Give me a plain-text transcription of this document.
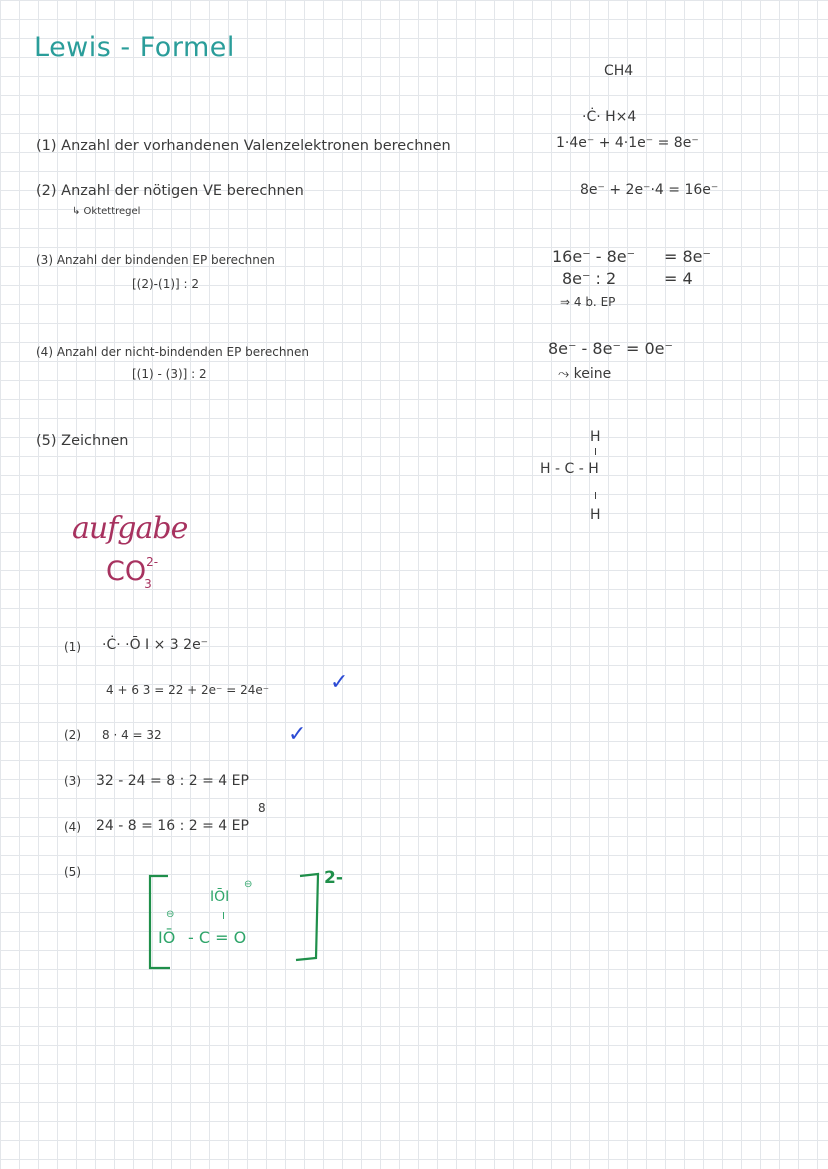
Lewis - Formel
(1) Anzahl der vorhandenen Valenzelektronen berechnen
(2) Anzahl der nötigen VE berechnen
↳ Oktettregel
(3) Anzahl der bindenden EP berechnen
[(2)-(1)] : 2
(4) Anzahl der nicht-bindenden EP berechnen
[(1) - (3)] : 2
(5) Zeichnen
CH4
·Ċ· H×4
1·4e⁻ + 4·1e⁻ = 8e⁻
8e⁻ + 2e⁻·4 = 16e⁻
16e⁻ - 8e⁻ = 8e⁻
8e⁻ : 2	= 4
⇒ 4 b. EP
8e⁻ - 8e⁻ = 0e⁻
⤳ keine
H
I
H - C - H
I
H
aufgabe
$CO^{2-}_3$
(1) ·Ċ· ·Ō I × 3 2e⁻
4 + 6 3 = 22 + 2e⁻ = 24e⁻	✓
(2) 8 · 4 = 32	✓
(3) 32 - 24 = 8 : 2 = 4 EP
8
(4) 24 - 8 = 16 : 2 = 4 EP
(5)	2-
IŌI
⊖
I
⊖
IŌ - C = O
